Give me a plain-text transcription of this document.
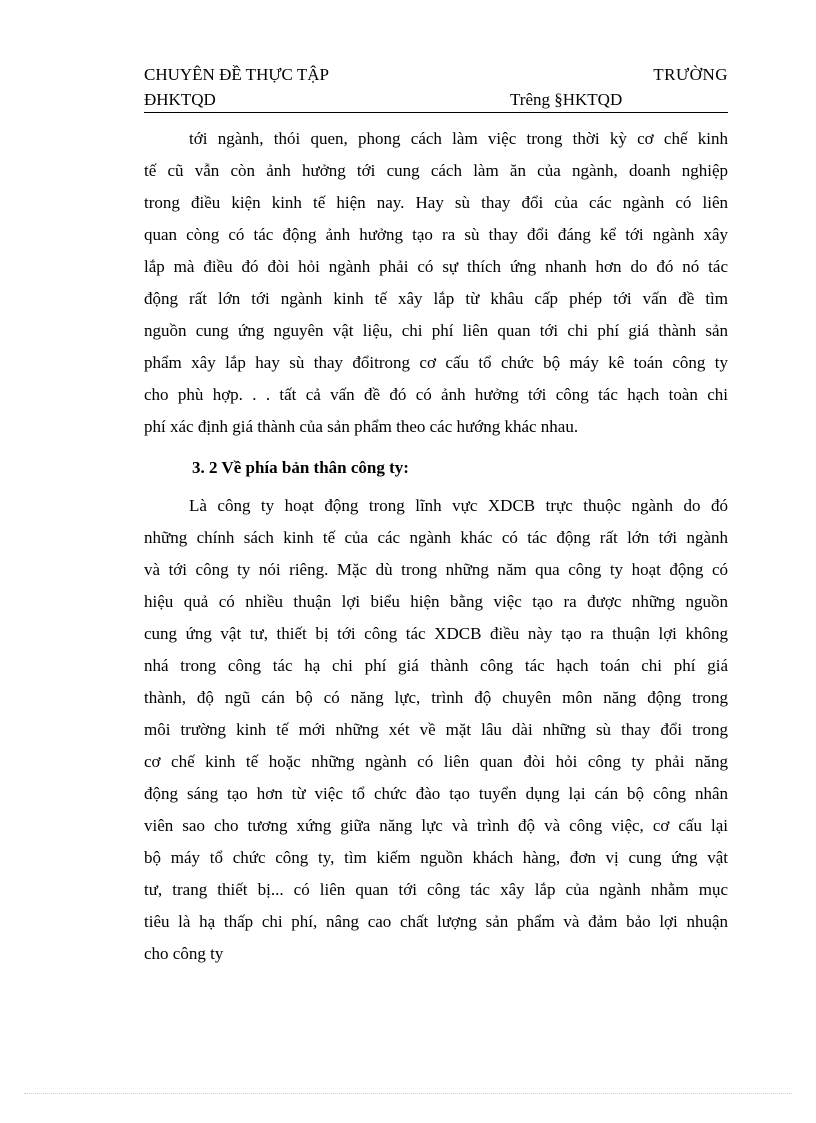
CHUYÊN ĐỀ THỰC TẬP	TRƯỜNG
ĐHKTQD	Trêng §HKTQD
tới ngành, thói quen, phong cách làm việc trong thời kỳ cơ chế kinh
tế cũ vẫn còn ảnh hưởng tới cung cách làm ăn của ngành, doanh nghiệp
trong điều kiện kinh tế hiện nay. Hay sù thay đổi của các ngành có liên
quan còng có tác động ảnh hưởng tạo ra sù thay đổi đáng kể tới ngành xây
lắp mà điều đó đòi hỏi ngành phải có sự thích ứng nhanh hơn do đó nó tác
động rất lớn tới ngành kinh tế xây lắp từ khâu cấp phép tới vấn đề tìm
nguồn cung ứng nguyên vật liệu, chi phí liên quan tới chi phí giá thành sản
phẩm xây lắp hay sù thay đổitrong cơ cấu tổ chức bộ máy kê toán công ty
cho phù hợp. . . tất cả vấn đề đó có ảnh hưởng tới công tác hạch toàn chi
phí xác định giá thành của sản phẩm theo các hướng khác nhau.
3. 2 Về phía bản thân công ty:
Là công ty hoạt động trong lĩnh vực XDCB trực thuộc ngành do đó
những chính sách kinh tế của các ngành khác có tác động rất lớn tới ngành
và tới công ty nói riêng. Mặc dù trong những năm qua công ty hoạt động có
hiệu quả có nhiều thuận lợi biểu hiện bằng việc tạo ra được những nguồn
cung ứng vật tư, thiết bị tới công tác XDCB điều này tạo ra thuận lợi không
nhá trong công tác hạ chi phí giá thành công tác hạch toán chi phí giá
thành, độ ngũ cán bộ có năng lực, trình độ chuyên môn năng động trong
môi trường kinh tế mới những xét về mặt lâu dài những sù thay đổi trong
cơ chế kinh tế hoặc những ngành có liên quan đòi hỏi công ty phải năng
động sáng tạo hơn từ việc tổ chức đào tạo tuyển dụng lại cán bộ công nhân
viên sao cho tương xứng giữa năng lực và trình độ và công việc, cơ cấu lại
bộ máy tổ chức công ty, tìm kiếm nguồn khách hàng, đơn vị cung ứng vật
tư, trang thiết bị... có liên quan tới công tác xây lắp của ngành nhằm mục
tiêu là hạ thấp chi phí, nâng cao chất lượng sản phẩm và đảm bảo lợi nhuận
cho công ty
